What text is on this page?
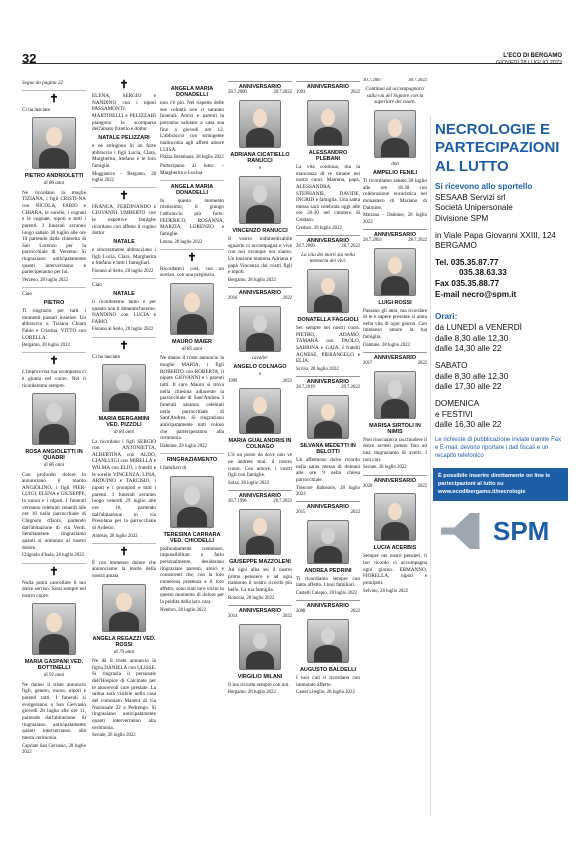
32	L'ECO DI BERGAMO
GIOVEDÌ 28 LUGLIO 2022
Segue da pagina 22
✝
Ci ha lasciato
PIETRO ANDRIOLETTI
di 86 anni
Ne ricordano la moglie TIZIANA, i figli CRISTI-NA con NICOLA, FABIO e CHIARA, le sorelle, i cognati e le cognate, nipoti e tutti i parenti. I funerali avranno luogo sabato 30 luglio alle ore 10 partendo dalla chiesetta di San Lorenzo per la parrocchiale di Verzeno. Si ringraziano anticipatamente quanti interverranno e parteciperanno per lui.
Verzeno, 28 luglio 2022
Ciao
PIETRO
Ti ringrazio per tutti i momenti passati insieme. Un abbraccio a Tiziana Chiara Fabio e Cristina. VITTO con LORELLA.
Bergamo, 28 luglio 2022
✝
L'improvvisa tua scomparsa ci è giunta nel cuore. Nel ti ricorderemo sempre.
ROSA ANGIOLETTI IN QUADRI
di 86 anni
Con profondo dolore lo annunciano il marito ANGIOLINO, i figli PIER-LUIGI, ELENA e GIUSEPPE, la nuora e i nipoti. I funerali verranno celebrati venerdì alle ore 10 nella parrocchiale di Chignolo d'Isola, partendo dall'abitazione di via Verdi. Sentitamente ringraziamo quanti si uniranno al nostro dolore.
Chignolo d'Isola, 28 luglio 2022
✝
Nulla potrà cancellare il tuo dolce sorriso. Sarai sempre nel nostro cuore.
MARIA GASPANI VED. BOTTINELLI
di 92 anni
Ne danno il triste annuncio figli, genero, nuora, nipoti e parenti tutti. I funerali si svolgeranno a San Gervasio giovedì 28 luglio alle ore 11, partendo dall'abitazione. Si ringraziano anticipatamente quanti interverranno alla mesta cerimonia.
Capriate San Gervasio, 28 luglio 2022
✝
ELENA, SERGIO e NANDINO con i nipoti PASSAMONTI, MARTINELLI e PELIZZARI piangono la scomparsa dell'amato fratello e dottor
NATALE PELIZZARI
e ne stringono in un forte abbraccio i figli Lucia, Clara, Margherita, Stefano e le loro famiglie.
Moggianico - Bergamo, 28 luglio 2022
✝
FRANCA, FERDINANDO e GIOVANNI UMBERTO con le rispettive famiglie ricordano con affetto il cugino dottor
NATALE
e sinceramente abbracciano i figli Lucia, Clara, Margherita e Stefano e tutti i famigliari.
Fiorano al Serio, 28 luglio 2022
Ciao
NATALE
ti ricorderemo tanto e per quanto non ti dimenticheremo. NANDINO con LUCIA e FABIO.
Fiorano al Serio, 28 luglio 2022
✝
Ci ha lasciato
MARIA BERGAMINI VED. PIZZOLI
di 84 anni
La ricordano i figli SERGIO con ANTONIETTA, ALBERTINA con ALDO, GIANLUIGI con MIRELLA e WILMA con ELIO, i fratelli e le sorelle VINCENZA, LINA, ARDUINO e TARCISIO, i nipoti e i pronipoti e tutti i parenti. I funerali avranno luogo venerdì 29 luglio alle ore 16, partendo dall'abitazione in via Presolana per la parrocchiale di Ardesio.
Ardesio, 28 luglio 2022
✝
È con immenso dolore che annunciamo la morte della nostra amata
ANGELA REGAZZI VED. ROSSI
di 79 anni
Ne dà il triste annuncio la figlia DANIELA con ULISSE. Si ringrazia il personale dell'Hospice di Calcinate per le amorevoli cure prestate. La salma sarà visibile nella casa del commiato Manera di via Nazionale 22 a Pedrengo. Si ringraziano anticipatamente quanti interverranno alla cerimonia.
Seriate, 28 luglio 2022
ANGELA MARIA DONADELLI
non c'è più. Nel rispetto delle sue volontà non ci saranno funerali. Amici e parenti la potranno salutare a casa sua fino a giovedì ore 12. L'abbraccio con strongente malinconia agli affetti amore LUISA.
Piazza Brembana, 28 luglio 2022
Partecipano al lutto: - Margherita e Lucina
ANGELA MARIA DONADELLI
In questo momento tristissimo, ti giungo l'abbraccio più forte. FEDERICO, ROSANNA, MARZIA, LORENZO e famiglie.
Lenna, 28 luglio 2022
✝
Ricordatevi così, con un sorriso, con una preghiera.
MAURO MAIER
di 85 anni
Ne danno il triste annuncio la moglie MARIA, i figli ROBERTO con ROBERTA, il nipote GIOVANNI e i parenti tutti. Il caro Mauro si trova nella chiesina adiacente la parrocchiale di Sant'Andrea. I funerali saranno celebrati nella parrocchiale di Sant'Andrea. Si ringraziano anticipatamente tutti coloro che parteciperanno alla cerimonia.
Dalmine, 28 luglio 2022
RINGRAZIAMENTO
I familiari di
TERESINA CARRARA VED. CHIODELLI
profondamente commossi, impossibilitati a farlo personalmente, desiderano ringraziare parenti, amici e conoscenti che, con la loro numerosa presenza e il loro affetto, sono stati loro vicini in questo momento di dolore per la perdita della loro cara.
Nembro, 28 luglio 2022
ANNIVERSARIO
28.7.2000	28.7.2022
ADRIANA CICATIELLO RANUCCI
e
VINCENZO RANUCCI
Il vostro indimenticabile sguardo ci accompagna e vive con noi ovunque noi siamo. Un bacione mamma Adriana e papà Vincenzo dai vostri figli e nipoti.
Bergamo, 28 luglio 2022
ANNIVERSARIO
2016	2022
cavalier
ANGELO COLNAGO
e
1999	2022
MARIA GUALANDRIS IN COLNAGO
C'è un posto da dove non ve ne andrete mai: il nostro cuore. Con amore, i vostri figli con famiglie.
Solza, 28 luglio 2022
ANNIVERSARIO
28.7.1996	28.7.2022
GIUSEPPE MAZZOLENI
Ad ogni alba sei il nostro primo pensiero e ad ogni tramonto il nostro ricordo più bello. La tua famiglia.
Roncola, 28 luglio 2022
ANNIVERSARIO
2014	2022
VIRGILIO MILANI
Il tuo ricordo sempre con noi.
Bergamo, 28 luglio 2022
ANNIVERSARIO
1993	2022
ALESSANDRO PLEBANI
La vita continua, ma la mancanza di te rimane nei nostri cuori. Mamma, papà, ALESSANDRA, STEPHANIE, DAVIDE, INGRID e famiglia. Una santa messa sarà celebrata oggi alle ore 20.30 nel cimitero di Credaro.
Credaro, 28 luglio 2022
ANNIVERSARIO
28.7.2009	28.7.2022
La vita dei morti sta nella memoria dei vivi.
DONATELLA FAGGIOLI
Sei sempre nei nostri cuori. PIETRO, ADAMO, TAMARA con PAOLO, SABRINA e GAIA. I fratelli AGNESE, PIERANGELO e ELIA.
Scriva, 28 luglio 2022
ANNIVERSARIO
28.7.2019	29.7.2022
SILVANA MEDETTI IN BELOTTI
Un affettuoso dolce ricordo nella santa messa di domani alle ore 9 nella chiesa parrocchiale.
Trescore Balneario, 28 luglio 2022
ANNIVERSARIO
2015	2022
ANDREA PEDRINI
Ti ricordiamo sempre con tanto affetto. I tuoi familiari.
Castelli Calepio, 28 luglio 2022
ANNIVERSARIO
2008	2022
AUGUSTO BALDELLI
I tuoi cari ti ricordano con immutato affetto.
Castel Liteglio, 28 luglio 2022
30.7.2007	30.7.2022
Continua ad accompagnarci sulla via del Signore con la superiore del cuore.
don
AMPELIO FENILI
Ti ricordiamo sabato 30 luglio alle ore 18.30 con celebrazione eucaristica nel monastero di Mariano di Dalmine.
Mariano - Dalmine, 28 luglio 2022
ANNIVERSARIO
28.7.2003	28.7.2022
LUIGI ROSSI
Passano gli anni, ma ricordare di te e sapere presente ci aiuta nella vita di ogni giorno. Con immenso amore la tua famiglia.
Dalmine, 28 luglio 2022
ANNIVERSARIO
2017	2022
MARISA SIRTOLI IN NIMIS
Non riusciamo a racchiudere il dolce avresti potuto fino ad una ringraziamo di averti. I tuoi cari.
Seriate, 28 luglio 2022
ANNIVERSARIO
2020	2022
LUCIA ACERBIS
Sempre nei nostri pensieri, il tuo ricordo ci accompagna ogni giorno. ERMANNO, FIORELLA, nipoti e pronipoti.
Selvino, 28 luglio 2022
NECROLOGIE E PARTECIPAZIONI AL LUTTO
Si ricevono allo sportello
SESAAB Servizi srl
Società Unipersonale
Divisione SPM
in Viale Papa Giovanni XXIII, 124 BERGAMO
Tel. 035.35.87.77
035.38.63.33
Fax 035.35.88.77
E-mail necro@spm.it
Orari:
da LUNEDÌ a VENERDÌ
dalle 8,30 alle 12,30
dalle 14,30 alle 22
SABATO
dalle 8,30 alle 12,30
dalle 17,30 alle 22
DOMENICA
e FESTIVI
dalle 16,30 alle 22
Le richieste di pubblicazione inviate tramite Fax e E-mail, devono riportare i dati fiscali e un recapito telefonico
È possibile inserire direttamente on line le partecipazioni al lutto su www.ecodibergamo.it/necrologie
SPM
